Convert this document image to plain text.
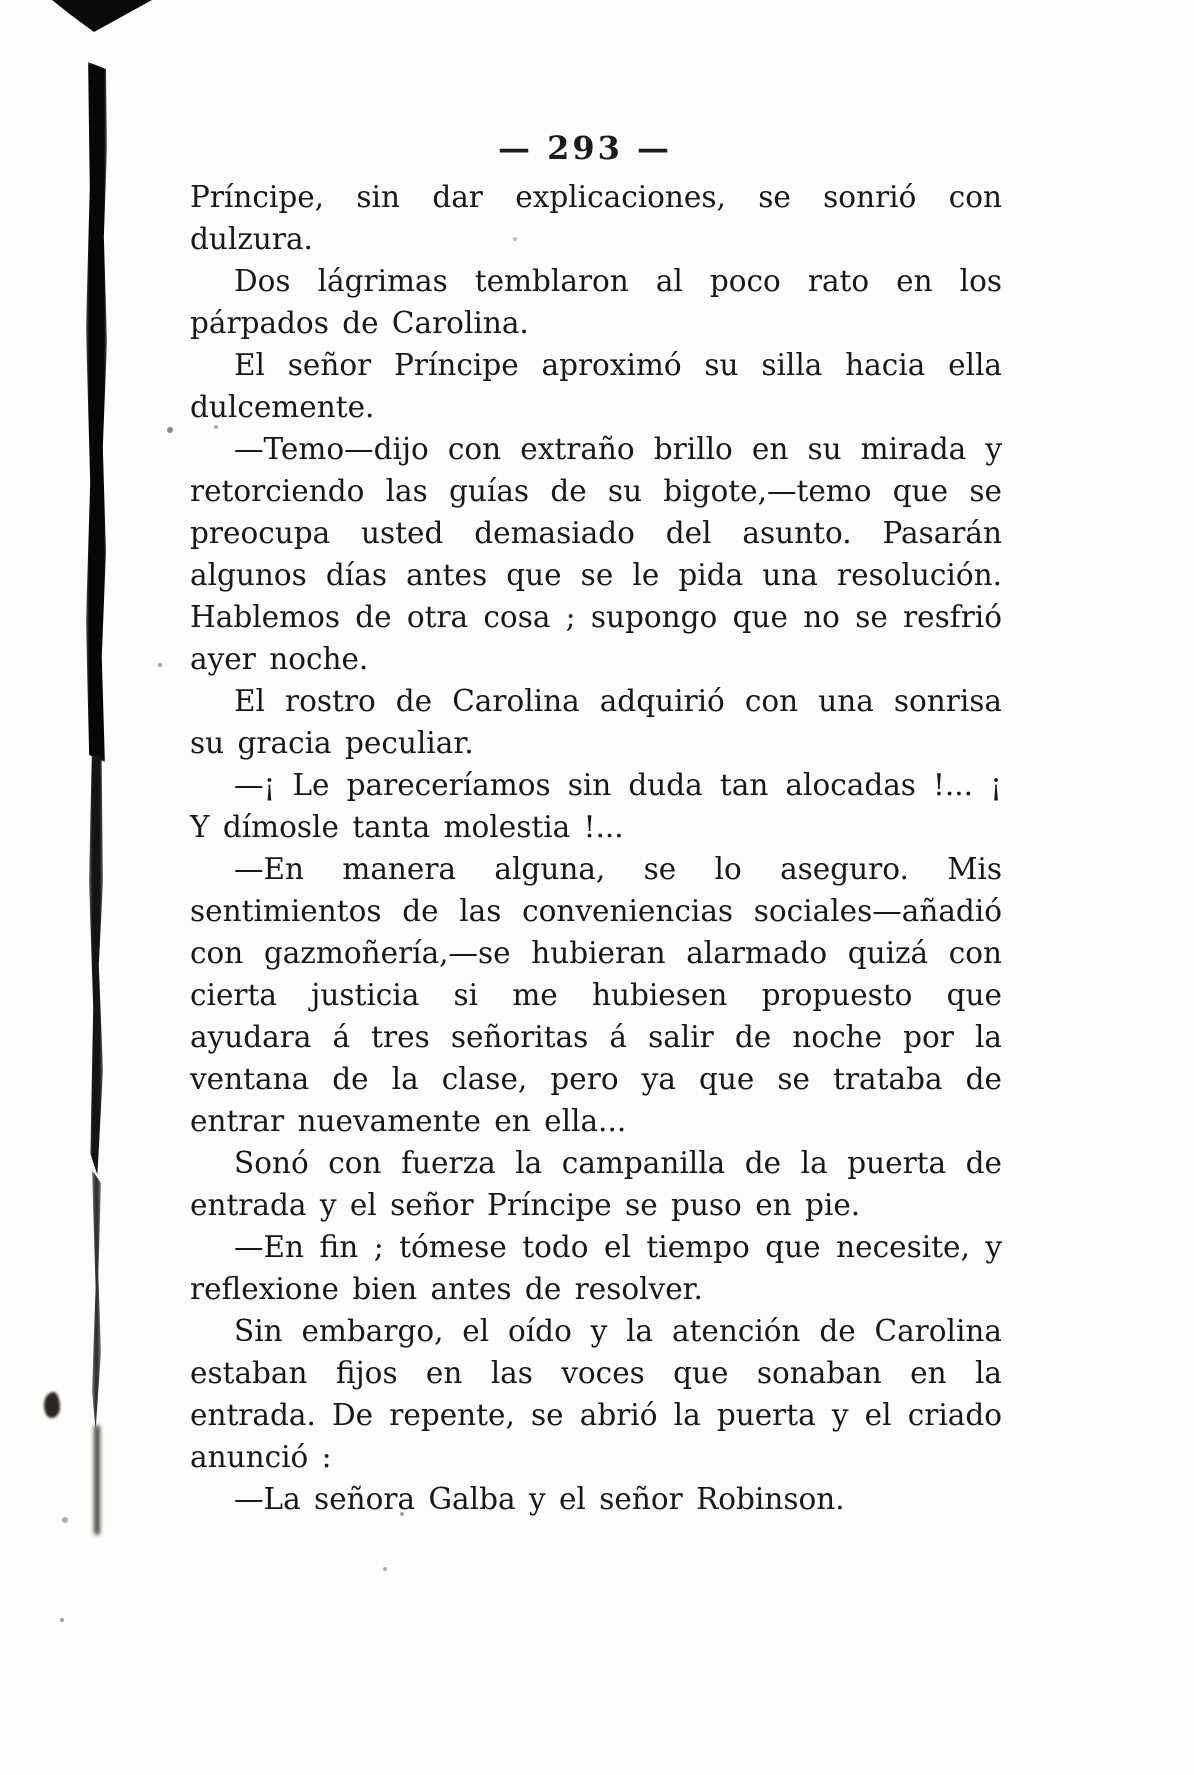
— 293 —

Príncipe, sin dar explicaciones, se sonrió con dulzura.

Dos lágrimas temblaron al poco rato en los párpados de Carolina.

El señor Príncipe aproximó su silla hacia ella dulcemente.

—Temo—dijo con extraño brillo en su mirada y retorciendo las guías de su bigote,—temo que se preocupa usted demasiado del asunto. Pasarán algunos días antes que se le pida una resolución. Hablemos de otra cosa ; supongo que no se resfrió ayer noche.

El rostro de Carolina adquirió con una sonrisa su gracia peculiar.

—¡ Le pareceríamos sin duda tan alocadas !... ¡ Y dímosle tanta molestia !...

—En manera alguna, se lo aseguro. Mis sentimientos de las conveniencias sociales—añadió con gazmoñería,—se hubieran alarmado quizá con cierta justicia si me hubiesen propuesto que ayudara á tres señoritas á salir de noche por la ventana de la clase, pero ya que se trataba de entrar nuevamente en ella...

Sonó con fuerza la campanilla de la puerta de entrada y el señor Príncipe se puso en pie.

—En fin ; tómese todo el tiempo que necesite, y reflexione bien antes de resolver.

Sin embargo, el oído y la atención de Carolina estaban fijos en las voces que sonaban en la entrada. De repente, se abrió la puerta y el criado anunció :

—La señora Galba y el señor Robinson.
